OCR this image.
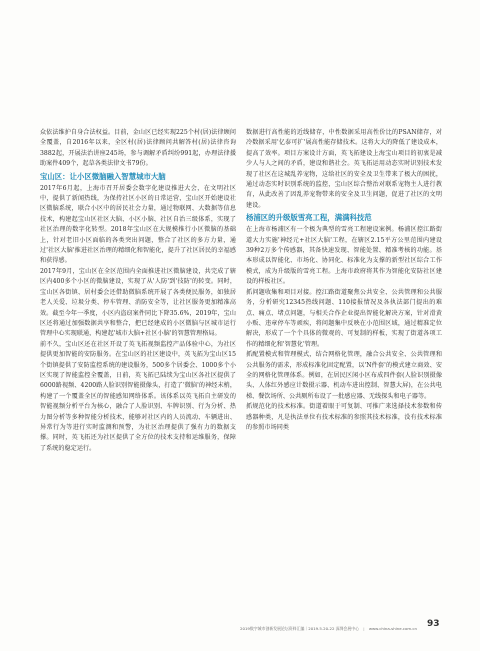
众依法维护自身合法权益。目前，金山区已经实现225个村(居)法律顾问全覆盖，自2016年以来，全区村(居)法律顾问共解答村(居)法律咨询3882起，开展法治讲座245场，参与调解矛盾纠纷991起，办理法律援助案件409个，起草各类法律文书79份。

宝山区：让小区微脑融入智慧城市大脑

2017年6月起，上海市召开居委会数字化建设推进大会，在文明社区中，提供了新闻热线，为保持社区小区的日常运营，宝山区开始建设社区微脑系统，联合小区中的居民社会力量，通过物联网、大数据等信息技术，构建起宝山区社区大脑、小区小脑、社区自治三级体系，实现了社区治理的数字化转型。2018年宝山区在大规模推行小区微脑的基础上，针对老旧小区面临的各类突出问题，整合了社区的多方力量，通过'社区大脑'推进社区治理的精细化和智能化，提升了社区居民的幸福感和获得感。

2017年9月，宝山区在全区范围内全面推进社区微脑建设，共完成了辖区内400多个小区的微脑建设，实现了从'人防'到'技防'的转变。同时，宝山区各街镇、居村委会还借助微脑系统开展了各类便民服务，如独居老人关爱、垃圾分类、停车管理、消防安全等，让社区服务更加精准高效。截至今年一季度，小区内盗窃案件同比下降35.6%，2019年，宝山区还将通过加强数据共享和整合，把已经建成的小区微脑与区城市运行管理中心实现联通，构建起'城市大脑+社区小脑'的智慧管理格局。

前不久，宝山区还在社区开设了英飞拓视频监控产品体验中心，为社区提供更加智能的安防服务。在宝山区的社区建设中，英飞拓为宝山区15个街镇提供了安防监控系统的建设服务，500多个居委会、1000多个小区实现了智能监控全覆盖，日前，英飞拓已陆续为宝山区各社区提供了6000路视频、4200路人脸识别智能摄像头，打造了'微脑'的神经末梢，构建了一个覆盖全区的智能感知网络体系。该体系以英飞拓自主研发的智能视频分析平台为核心，融合了人脸识别、车牌识别、行为分析、热力图分析等多种智能分析技术，能够对社区内的人员流动、车辆进出、异常行为等进行实时监测和预警，为社区治理提供了强有力的数据支撑。同时，英飞拓还为社区提供了全方位的技术支持和运维服务，保障了系统的稳定运行。

数据进行高性能的近线储存，中性数据采用高性价比的PSAN储存，对冷数据采用'亿泰可扩'展高性能存储技术。这将大大的降低了建设成本，提高了效率。项目方案设计方面，英飞拓建设上海宝山项目的初衷是减少人与人之间的矛盾，建设和谐社会。英飞拓运用动态实时识别技术发现了社区在这城乱养宠物，这给社区的安全及卫生带来了极大的困扰，通过动态实时识别系统的监控，宝山区综合整治对联系宠物主人进行教育，从此改善了因乱养宠物带来的安全及卫生问题，促进了社区的文明建设。

杨浦区的升级版雪亮工程，满满科技范

在上海市杨浦区有一个极为典型的雪亮工程建设案例。杨浦区控江路街道大力实施'神经元+社区大脑'工程，在辖区2.15平方公里范围内建设39种2万多个传感器，其备快速发现、智能处置、精准考核的功能。基本形成以智能化、市场化、协同化、标准化为支撑的新型社区综合工作模式，成为升级版的雪亮工程。上海市政府将其作为智能化安防社区建设的样板社区。

抓问题收集和项目对接。控江路街道聚焦公共安全、公共管理和公共服务，分析研究12345热线问题、110接报情况及各执法部门提出的难点、痛点、堵点问题，与相关合作企业提出智能化解决方案，针对滑黄小贩、违章停车等顽疾，将问题集中反映在小范围区域，通过精准定位解决，形成了一个个具体的微观的、可复制的样板，实现了街道各项工作的精细化和'智慧化'管理。

抓配置模式和管理模式，结合网格化管理，融合公共安全、公共管理和公共服务的需求，形成标准化固定配置，以'N件套'的模式建立商效、安全的网格化管理体系。例如，在居民区闲小区布成四件套(人脸识别摄像头、人体红外感应计数摄示器、机动车进出控制、智慧大屏)，在公共电梯、餐饮场所、公共厕所布设了一批感应器、无线探头和电子器等。

抓规范化的技术标准。街道着眼于可复制、可推广来选择技术参数和传感器种类，凡是执法单位有技术标准的参照其技术标准，没有技术标准的参照市场同类

2019数字城市创新发展论坛资料汇编｜2019.5.20-22 深圳会展中心 | www.china-shine.com.cn	93
